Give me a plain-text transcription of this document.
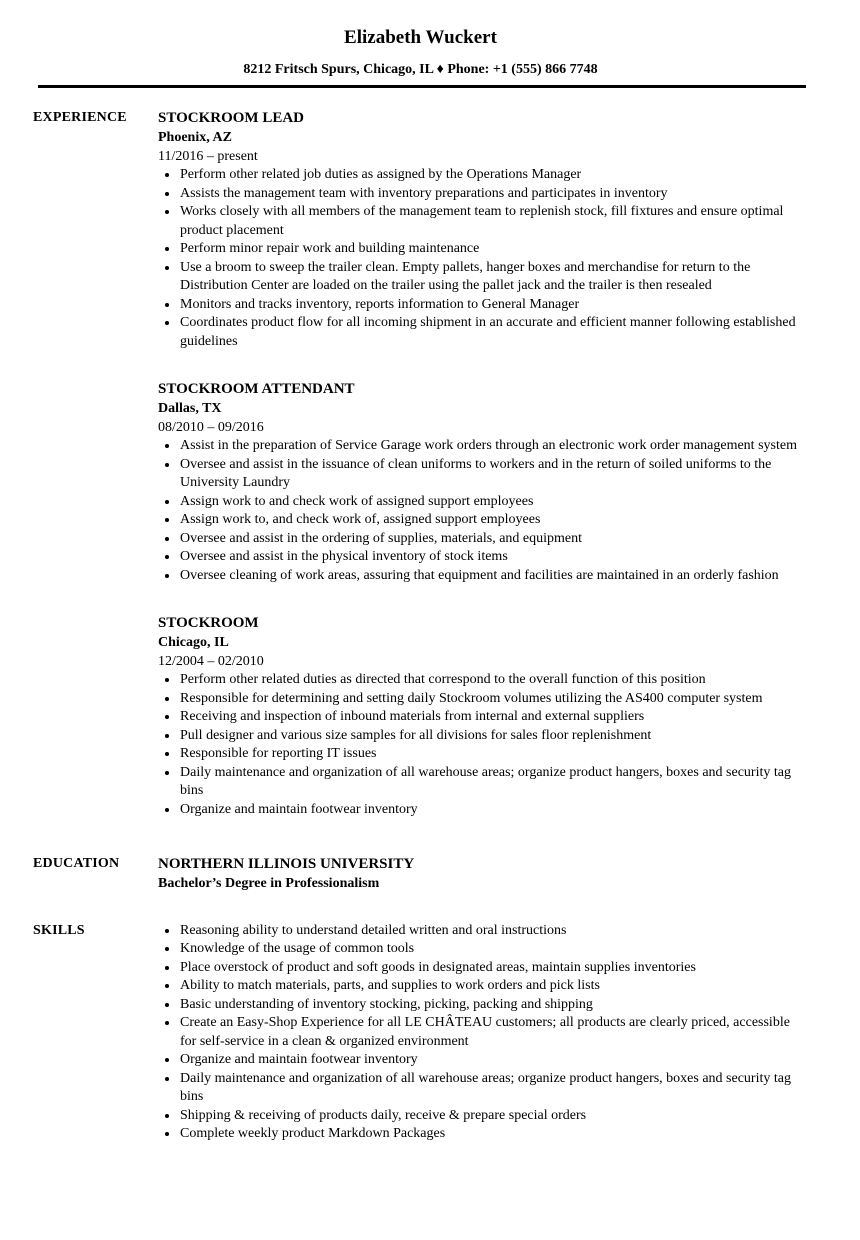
Elizabeth Wuckert
8212 Fritsch Spurs, Chicago, IL ♦ Phone: +1 (555) 866 7748
EXPERIENCE	STOCKROOM LEAD
Phoenix, AZ
11/2016 – present
• Perform other related job duties as assigned by the Operations Manager
• Assists the management team with inventory preparations and participates in inventory
• Works closely with all members of the management team to replenish stock, fill fixtures and ensure optimal product placement
• Perform minor repair work and building maintenance
• Use a broom to sweep the trailer clean. Empty pallets, hanger boxes and merchandise for return to the Distribution Center are loaded on the trailer using the pallet jack and the trailer is then resealed
• Monitors and tracks inventory, reports information to General Manager
• Coordinates product flow for all incoming shipment in an accurate and efficient manner following established guidelines
STOCKROOM ATTENDANT
Dallas, TX
08/2010 – 09/2016
• Assist in the preparation of Service Garage work orders through an electronic work order management system
• Oversee and assist in the issuance of clean uniforms to workers and in the return of soiled uniforms to the University Laundry
• Assign work to and check work of assigned support employees
• Assign work to, and check work of, assigned support employees
• Oversee and assist in the ordering of supplies, materials, and equipment
• Oversee and assist in the physical inventory of stock items
• Oversee cleaning of work areas, assuring that equipment and facilities are maintained in an orderly fashion
STOCKROOM
Chicago, IL
12/2004 – 02/2010
• Perform other related duties as directed that correspond to the overall function of this position
• Responsible for determining and setting daily Stockroom volumes utilizing the AS400 computer system
• Receiving and inspection of inbound materials from internal and external suppliers
• Pull designer and various size samples for all divisions for sales floor replenishment
• Responsible for reporting IT issues
• Daily maintenance and organization of all warehouse areas; organize product hangers, boxes and security tag bins
• Organize and maintain footwear inventory
EDUCATION	NORTHERN ILLINOIS UNIVERSITY
Bachelor’s Degree in Professionalism
SKILLS	• Reasoning ability to understand detailed written and oral instructions
• Knowledge of the usage of common tools
• Place overstock of product and soft goods in designated areas, maintain supplies inventories
• Ability to match materials, parts, and supplies to work orders and pick lists
• Basic understanding of inventory stocking, picking, packing and shipping
• Create an Easy-Shop Experience for all LE CHÂTEAU customers; all products are clearly priced, accessible for self-service in a clean & organized environment
• Organize and maintain footwear inventory
• Daily maintenance and organization of all warehouse areas; organize product hangers, boxes and security tag bins
• Shipping & receiving of products daily, receive & prepare special orders
• Complete weekly product Markdown Packages
